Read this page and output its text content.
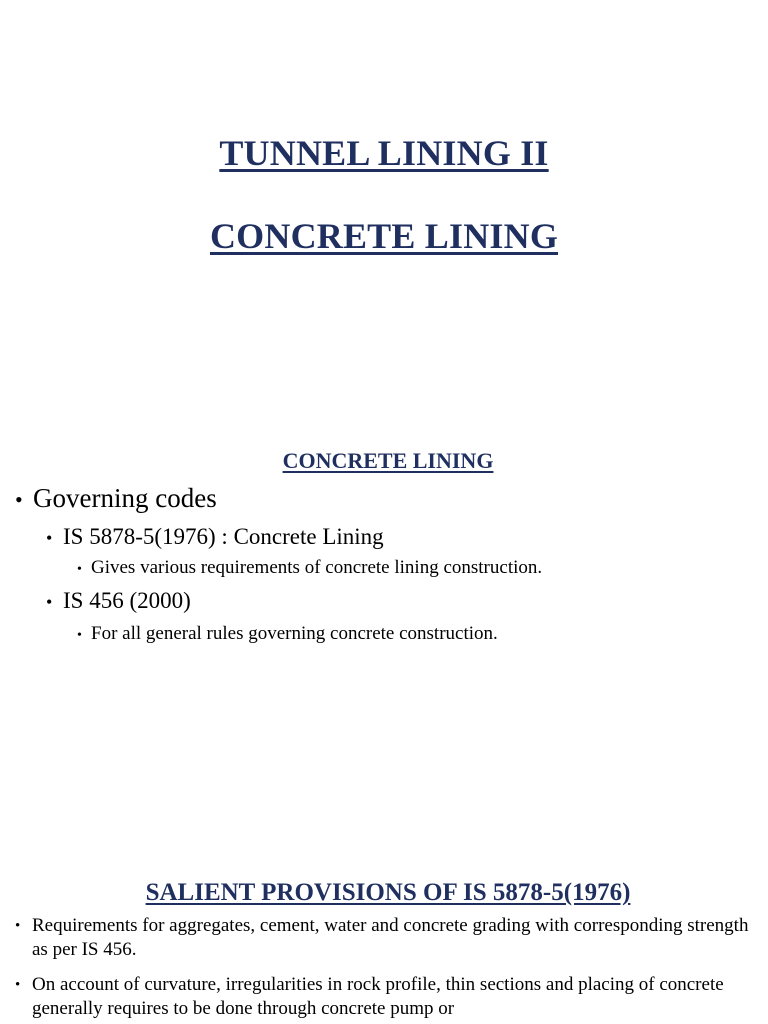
TUNNEL LINING II
CONCRETE LINING
CONCRETE LINING
• Governing codes
• IS 5878-5(1976) : Concrete Lining
• Gives various requirements of concrete lining construction.
• IS 456 (2000)
• For all general rules governing concrete construction.
SALIENT PROVISIONS OF IS 5878-5(1976)
• Requirements for aggregates, cement, water and concrete grading with corresponding strength as per IS 456.
• On account of curvature, irregularities in rock profile, thin sections and placing of concrete generally requires to be done through concrete pump or
